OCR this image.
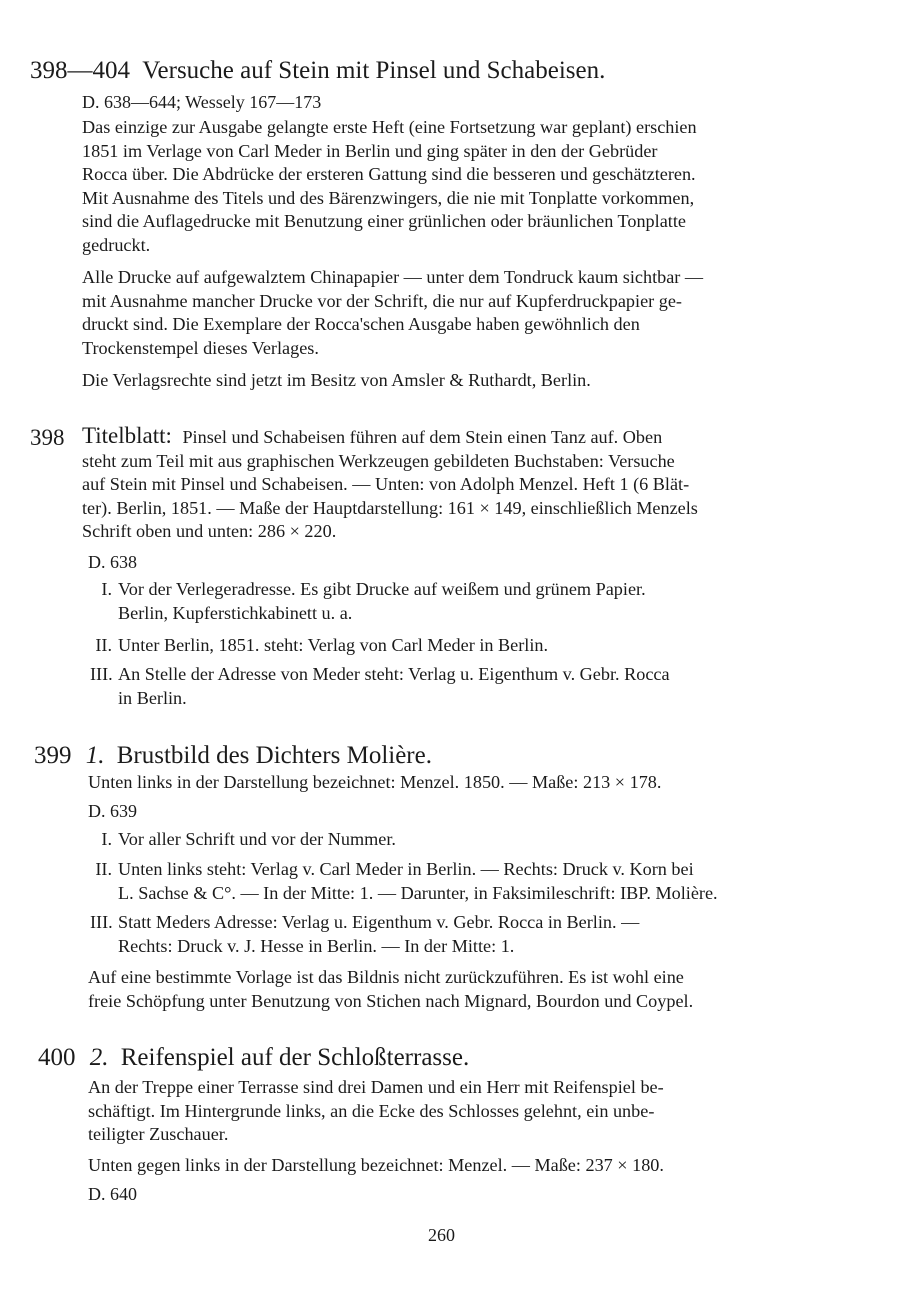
398—404 Versuche auf Stein mit Pinsel und Schabeisen.
D. 638—644; Wessely 167—173
Das einzige zur Ausgabe gelangte erste Heft (eine Fortsetzung war geplant) erschien
1851 im Verlage von Carl Meder in Berlin und ging später in den der Gebrüder
Rocca über. Die Abdrücke der ersteren Gattung sind die besseren und geschätzteren.
Mit Ausnahme des Titels und des Bärenzwingers, die nie mit Tonplatte vorkommen,
sind die Auflagedrucke mit Benutzung einer grünlichen oder bräunlichen Tonplatte
gedruckt.
Alle Drucke auf aufgewalztem Chinapapier — unter dem Tondruck kaum sichtbar —
mit Ausnahme mancher Drucke vor der Schrift, die nur auf Kupferdruckpapier ge-
druckt sind. Die Exemplare der Rocca'schen Ausgabe haben gewöhnlich den
Trockenstempel dieses Verlages.
Die Verlagsrechte sind jetzt im Besitz von Amsler & Ruthardt, Berlin.
398 Titelblatt: Pinsel und Schabeisen führen auf dem Stein einen Tanz auf. Oben
steht zum Teil mit aus graphischen Werkzeugen gebildeten Buchstaben: Versuche
auf Stein mit Pinsel und Schabeisen. — Unten: von Adolph Menzel. Heft 1 (6 Blät-
ter). Berlin, 1851. — Maße der Hauptdarstellung: 161 × 149, einschließlich Menzels
Schrift oben und unten: 286 × 220.
D. 638
I. Vor der Verlegeradresse. Es gibt Drucke auf weißem und grünem Papier.
Berlin, Kupferstichkabinett u. a.
II. Unter Berlin, 1851. steht: Verlag von Carl Meder in Berlin.
III. An Stelle der Adresse von Meder steht: Verlag u. Eigenthum v. Gebr. Rocca
in Berlin.
399 1. Brustbild des Dichters Molière.
Unten links in der Darstellung bezeichnet: Menzel. 1850. — Maße: 213 × 178.
D. 639
I. Vor aller Schrift und vor der Nummer.
II. Unten links steht: Verlag v. Carl Meder in Berlin. — Rechts: Druck v. Korn bei
L. Sachse & C°. — In der Mitte: 1. — Darunter, in Faksimileschrift: IBP. Molière.
III. Statt Meders Adresse: Verlag u. Eigenthum v. Gebr. Rocca in Berlin. —
Rechts: Druck v. J. Hesse in Berlin. — In der Mitte: 1.
Auf eine bestimmte Vorlage ist das Bildnis nicht zurückzuführen. Es ist wohl eine
freie Schöpfung unter Benutzung von Stichen nach Mignard, Bourdon und Coypel.
400 2. Reifenspiel auf der Schloßterrasse.
An der Treppe einer Terrasse sind drei Damen und ein Herr mit Reifenspiel be-
schäftigt. Im Hintergrunde links, an die Ecke des Schlosses gelehnt, ein unbe-
teiligter Zuschauer.
Unten gegen links in der Darstellung bezeichnet: Menzel. — Maße: 237 × 180.
D. 640
260
